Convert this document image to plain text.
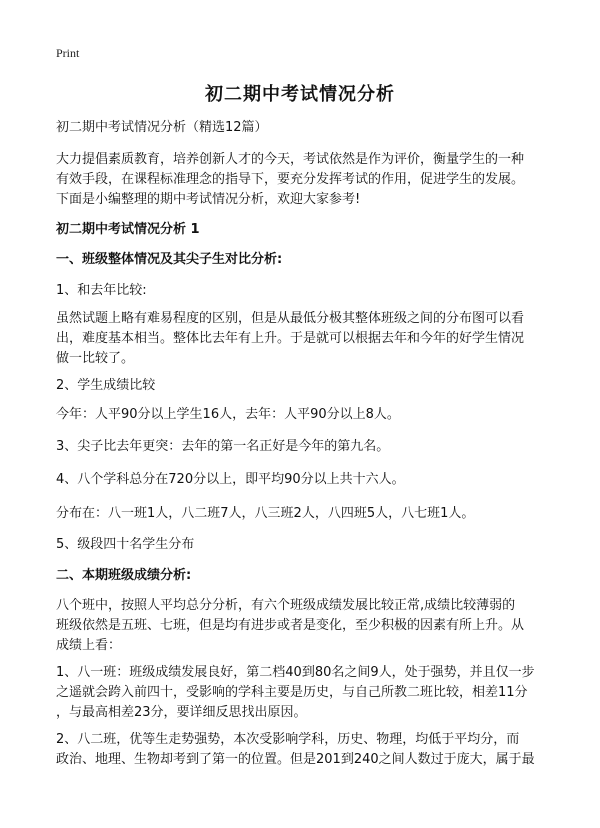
Print
初二期中考试情况分析
初二期中考试情况分析（精选12篇）
大力提倡素质教育，培养创新人才的今天，考试依然是作为评价，衡量学生的一种
有效手段，在课程标准理念的指导下，要充分发挥考试的作用，促进学生的发展。
下面是小编整理的期中考试情况分析，欢迎大家参考!
初二期中考试情况分析 1
一、班级整体情况及其尖子生对比分析:
1、和去年比较:
虽然试题上略有难易程度的区别，但是从最低分极其整体班级之间的分布图可以看
出，难度基本相当。整体比去年有上升。于是就可以根据去年和今年的好学生情况
做一比较了。
2、学生成绩比较
今年：人平90分以上学生16人，去年：人平90分以上8人。
3、尖子比去年更突：去年的第一名正好是今年的第九名。
4、八个学科总分在720分以上，即平均90分以上共十六人。
分布在：八一班1人，八二班7人，八三班2人，八四班5人，八七班1人。
5、级段四十名学生分布
二、本期班级成绩分析:
八个班中，按照人平均总分分析，有六个班级成绩发展比较正常,成绩比较薄弱的
班级依然是五班、七班，但是均有进步或者是变化，至少积极的因素有所上升。从
成绩上看：
1、八一班：班级成绩发展良好，第二档40到80名之间9人，处于强势，并且仅一步
之遥就会跨入前四十，受影响的学科主要是历史，与自己所教二班比较，相差11分
，与最高相差23分，要详细反思找出原因。
2、八二班，优等生走势强势，本次受影响学科，历史、物理，均低于平均分，而
政治、地理、生物却考到了第一的位置。但是201到240之间人数过于庞大，属于最
